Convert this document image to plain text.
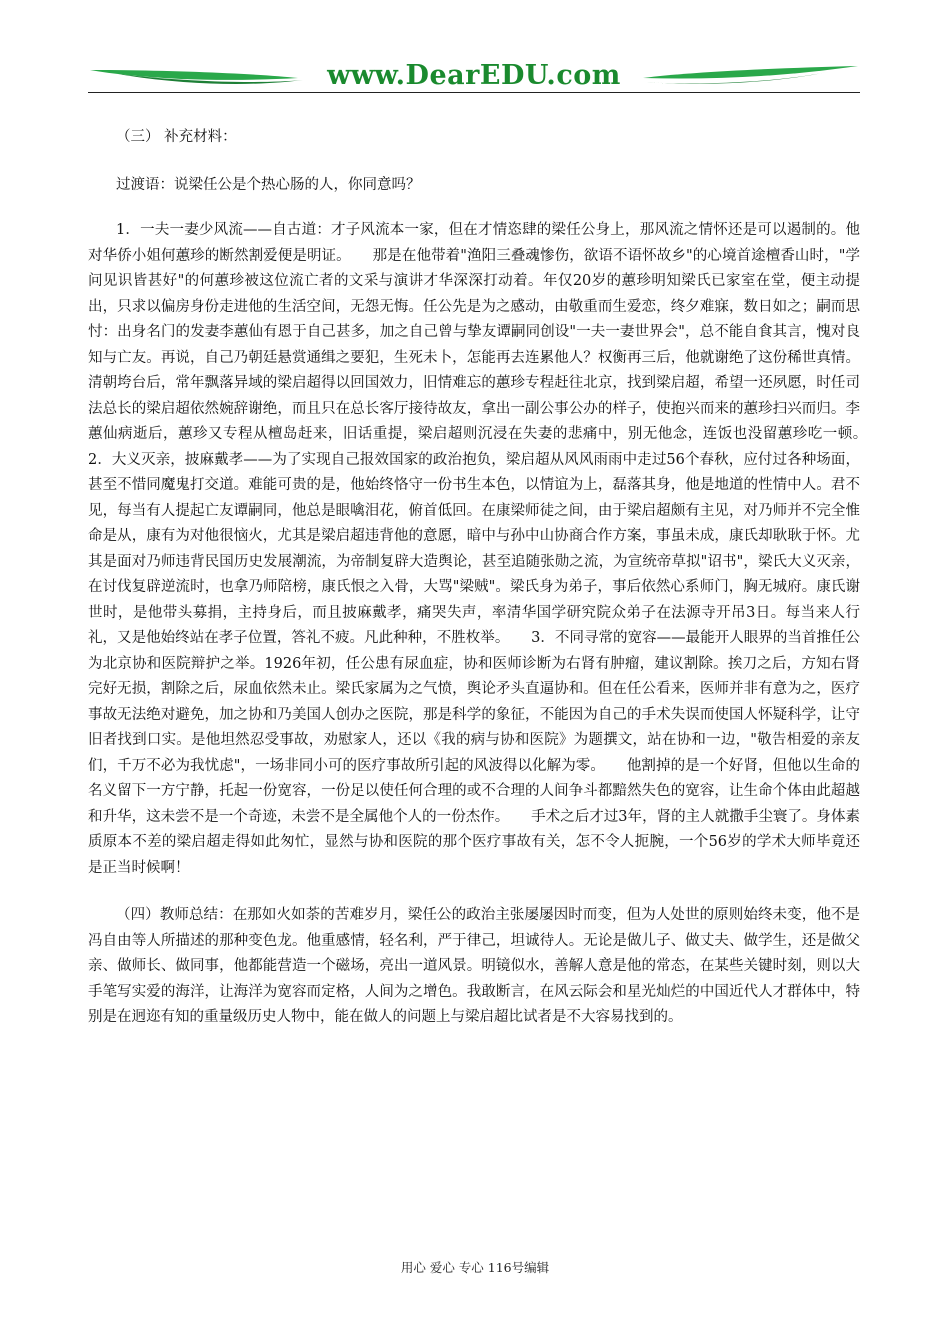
www.DearEDU.com

（三） 补充材料：

过渡语：说梁任公是个热心肠的人，你同意吗？

1．一夫一妻少风流——自古道：才子风流本一家，但在才情恣肆的梁任公身上，那风流之情怀还是可以遏制的。他对华侨小姐何蕙珍的断然割爱便是明证。　　那是在他带着"渔阳三叠魂惨伤，欲语不语怀故乡"的心境首途檀香山时，"学问见识皆甚好"的何蕙珍被这位流亡者的文采与演讲才华深深打动着。年仅20岁的蕙珍明知梁氏已家室在堂，便主动提出，只求以偏房身份走进他的生活空间，无怨无悔。任公先是为之感动，由敬重而生爱恋，终夕难寐，数日如之；嗣而思忖：出身名门的发妻李蕙仙有恩于自己甚多，加之自己曾与挚友谭嗣同创设"一夫一妻世界会"，总不能自食其言，愧对良知与亡友。再说，自己乃朝廷悬赏通缉之要犯，生死未卜，怎能再去连累他人？权衡再三后，他就谢绝了这份稀世真情。清朝垮台后，常年飘落异域的梁启超得以回国效力，旧情难忘的蕙珍专程赶往北京，找到梁启超，希望一还夙愿，时任司法总长的梁启超依然婉辞谢绝，而且只在总长客厅接待故友，拿出一副公事公办的样子，使抱兴而来的蕙珍扫兴而归。李蕙仙病逝后，蕙珍又专程从檀岛赶来，旧话重提，梁启超则沉浸在失妻的悲痛中，别无他念，连饭也没留蕙珍吃一顿。　　2．大义灭亲，披麻戴孝——为了实现自己报效国家的政治抱负，梁启超从风风雨雨中走过56个春秋，应付过各种场面，甚至不惜同魔鬼打交道。难能可贵的是，他始终恪守一份书生本色，以情谊为上，磊落其身，他是地道的性情中人。君不见，每当有人提起亡友谭嗣同，他总是眼噙泪花，俯首低回。在康梁师徒之间，由于梁启超颇有主见，对乃师并不完全惟命是从，康有为对他很恼火，尤其是梁启超违背他的意愿，暗中与孙中山协商合作方案，事虽未成，康氏却耿耿于怀。尤其是面对乃师违背民国历史发展潮流，为帝制复辟大造舆论，甚至追随张勋之流，为宣统帝草拟"诏书"，梁氏大义灭亲，在讨伐复辟逆流时，也拿乃师陪榜，康氏恨之入骨，大骂"梁贼"。梁氏身为弟子，事后依然心系师门，胸无城府。康氏谢世时，是他带头募捐，主持身后，而且披麻戴孝，痛哭失声，率清华国学研究院众弟子在法源寺开吊3日。每当来人行礼，又是他始终站在孝子位置，答礼不疲。凡此种种，不胜枚举。　　3．不同寻常的宽容——最能开人眼界的当首推任公为北京协和医院辩护之举。1926年初，任公患有尿血症，协和医师诊断为右肾有肿瘤，建议割除。挨刀之后，方知右肾完好无损，割除之后，尿血依然未止。梁氏家属为之气愤，舆论矛头直逼协和。但在任公看来，医师并非有意为之，医疗事故无法绝对避免，加之协和乃美国人创办之医院，那是科学的象征，不能因为自己的手术失误而使国人怀疑科学，让守旧者找到口实。是他坦然忍受事故，劝慰家人，还以《我的病与协和医院》为题撰文，站在协和一边，"敬告相爱的亲友们，千万不必为我忧虑"，一场非同小可的医疗事故所引起的风波得以化解为零。　　他割掉的是一个好肾，但他以生命的名义留下一方宁静，托起一份宽容，一份足以使任何合理的或不合理的人间争斗都黯然失色的宽容，让生命个体由此超越和升华，这未尝不是一个奇迹，未尝不是全属他个人的一份杰作。　　手术之后才过3年，肾的主人就撒手尘寰了。身体素质原本不差的梁启超走得如此匆忙，显然与协和医院的那个医疗事故有关，怎不令人扼腕，一个56岁的学术大师毕竟还是正当时候啊！

（四）教师总结：在那如火如荼的苦难岁月，梁任公的政治主张屡屡因时而变，但为人处世的原则始终未变，他不是冯自由等人所描述的那种变色龙。他重感情，轻名利，严于律己，坦诚待人。无论是做儿子、做丈夫、做学生，还是做父亲、做师长、做同事，他都能营造一个磁场，亮出一道风景。明镜似水，善解人意是他的常态，在某些关键时刻，则以大手笔写实爱的海洋，让海洋为宽容而定格，人间为之增色。我敢断言，在风云际会和星光灿烂的中国近代人才群体中，特别是在迥迩有知的重量级历史人物中，能在做人的问题上与梁启超比试者是不大容易找到的。

用心 爱心 专心 116号编辑
